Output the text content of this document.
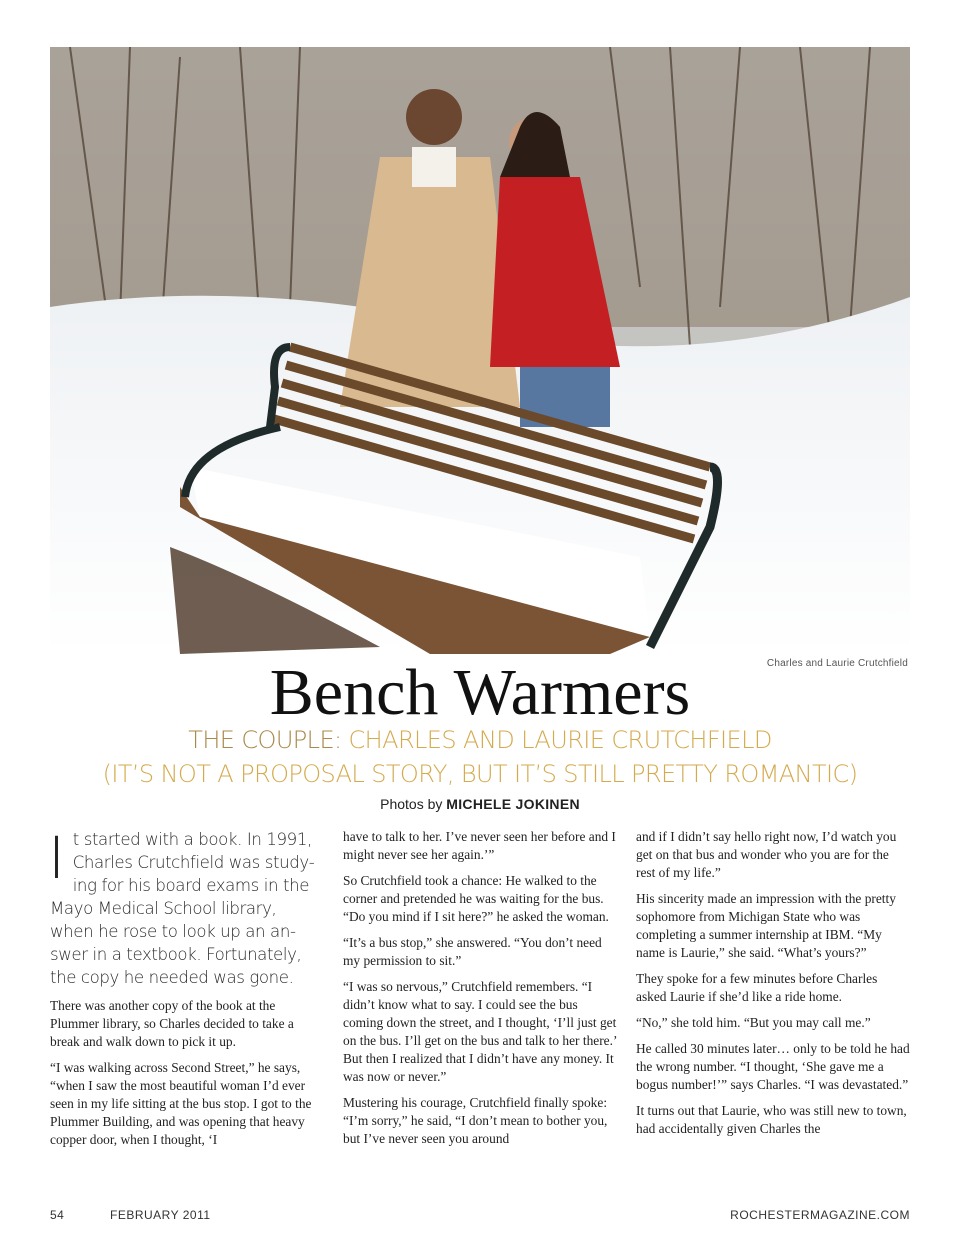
Charles and Laurie Crutchfield
Bench Warmers

THE COUPLE: CHARLES AND LAURIE CRUTCHFIELD

(IT’S NOT A PROPOSAL STORY, BUT IT’S STILL PRETTY ROMANTIC)

Photos by MICHELE JOKINEN

It started with a book. In 1991, Charles Crutchfield was studying for his board exams in the Mayo Medical School library, when he rose to look up an answer in a textbook. Fortunately, the copy he needed was gone.

There was another copy of the book at the Plummer library, so Charles decided to take a break and walk down to pick it up.

“I was walking across Second Street,” he says, “when I saw the most beautiful woman I’d ever seen in my life sitting at the bus stop. I got to the Plummer Building, and was opening that heavy copper door, when I thought, ‘I

have to talk to her. I’ve never seen her before and I might never see her again.’”

So Crutchfield took a chance: He walked to the corner and pretended he was waiting for the bus. “Do you mind if I sit here?” he asked the woman.

“It’s a bus stop,” she answered. “You don’t need my permission to sit.”

“I was so nervous,” Crutchfield remembers. “I didn’t know what to say. I could see the bus coming down the street, and I thought, ‘I’ll just get on the bus. I’ll get on the bus and talk to her there.’ But then I realized that I didn’t have any money. It was now or never.”

Mustering his courage, Crutchfield finally spoke: “I’m sorry,” he said, “I don’t mean to bother you, but I’ve never seen you around

and if I didn’t say hello right now, I’d watch you get on that bus and wonder who you are for the rest of my life.”

His sincerity made an impression with the pretty sophomore from Michigan State who was completing a summer internship at IBM. “My name is Laurie,” she said. “What’s yours?”

They spoke for a few minutes before Charles asked Laurie if she’d like a ride home.

“No,” she told him. “But you may call me.”

He called 30 minutes later… only to be told he had the wrong number. “I thought, ‘She gave me a bogus number!’” says Charles. “I was devastated.”

It turns out that Laurie, who was still new to town, had accidentally given Charles the

54	FEBRUARY 2011	ROCHESTERMAGAZINE.COM
